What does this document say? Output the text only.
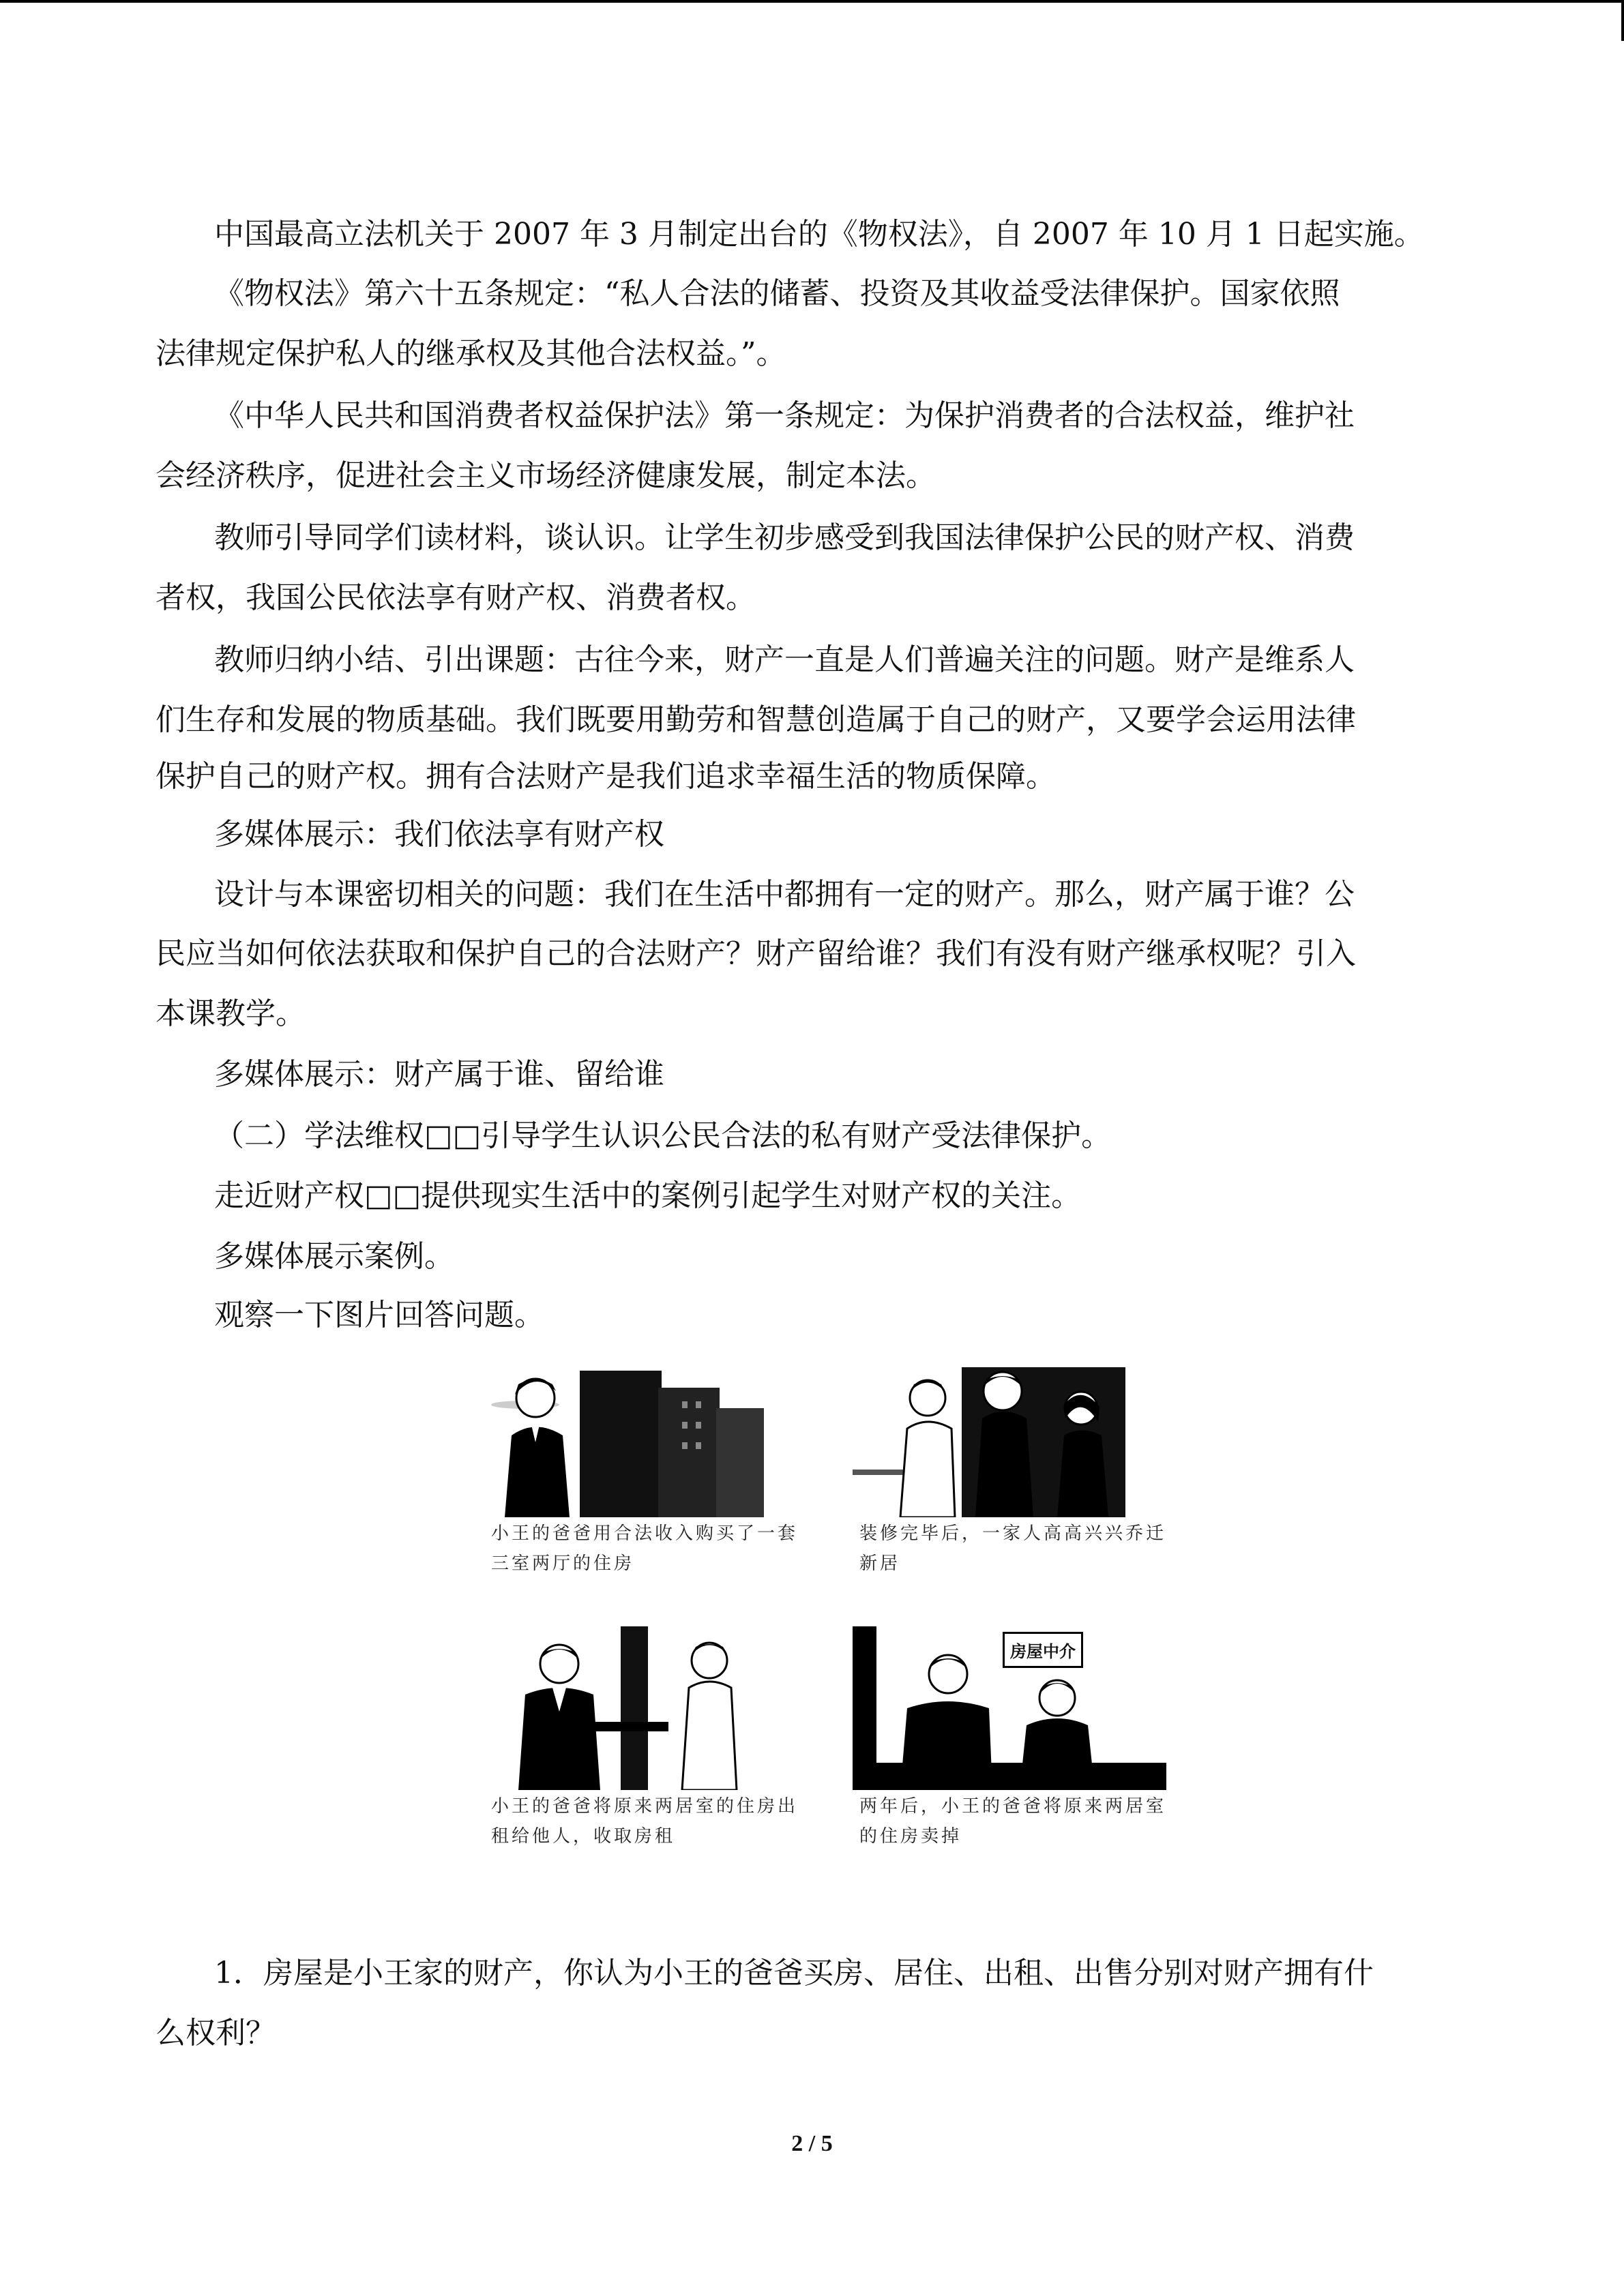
中国最高立法机关于 2007 年 3 月制定出台的《物权法》，自 2007 年 10 月 1 日起实施。
《物权法》第六十五条规定：“私人合法的储蓄、投资及其收益受法律保护。国家依照
法律规定保护私人的继承权及其他合法权益。”。
《中华人民共和国消费者权益保护法》第一条规定：为保护消费者的合法权益，维护社
会经济秩序，促进社会主义市场经济健康发展，制定本法。
教师引导同学们读材料，谈认识。让学生初步感受到我国法律保护公民的财产权、消费
者权，我国公民依法享有财产权、消费者权。
教师归纳小结、引出课题：古往今来，财产一直是人们普遍关注的问题。财产是维系人
们生存和发展的物质基础。我们既要用勤劳和智慧创造属于自己的财产，又要学会运用法律
保护自己的财产权。拥有合法财产是我们追求幸福生活的物质保障。
多媒体展示：我们依法享有财产权
设计与本课密切相关的问题：我们在生活中都拥有一定的财产。那么，财产属于谁？公
民应当如何依法获取和保护自己的合法财产？财产留给谁？我们有没有财产继承权呢？引入
本课教学。
多媒体展示：财产属于谁、留给谁
（二）学法维权□□引导学生认识公民合法的私有财产受法律保护。
走近财产权□□提供现实生活中的案例引起学生对财产权的关注。
多媒体展示案例。
观察一下图片回答问题。
小王的爸爸用合法收入购买了一套三室两厅的住房
装修完毕后，一家人高高兴兴乔迁新居
小王的爸爸将原来两居室的住房出租给他人，收取房租
房屋中介
两年后，小王的爸爸将原来两居室的住房卖掉
1．房屋是小王家的财产，你认为小王的爸爸买房、居住、出租、出售分别对财产拥有什
么权利？
2 / 5
